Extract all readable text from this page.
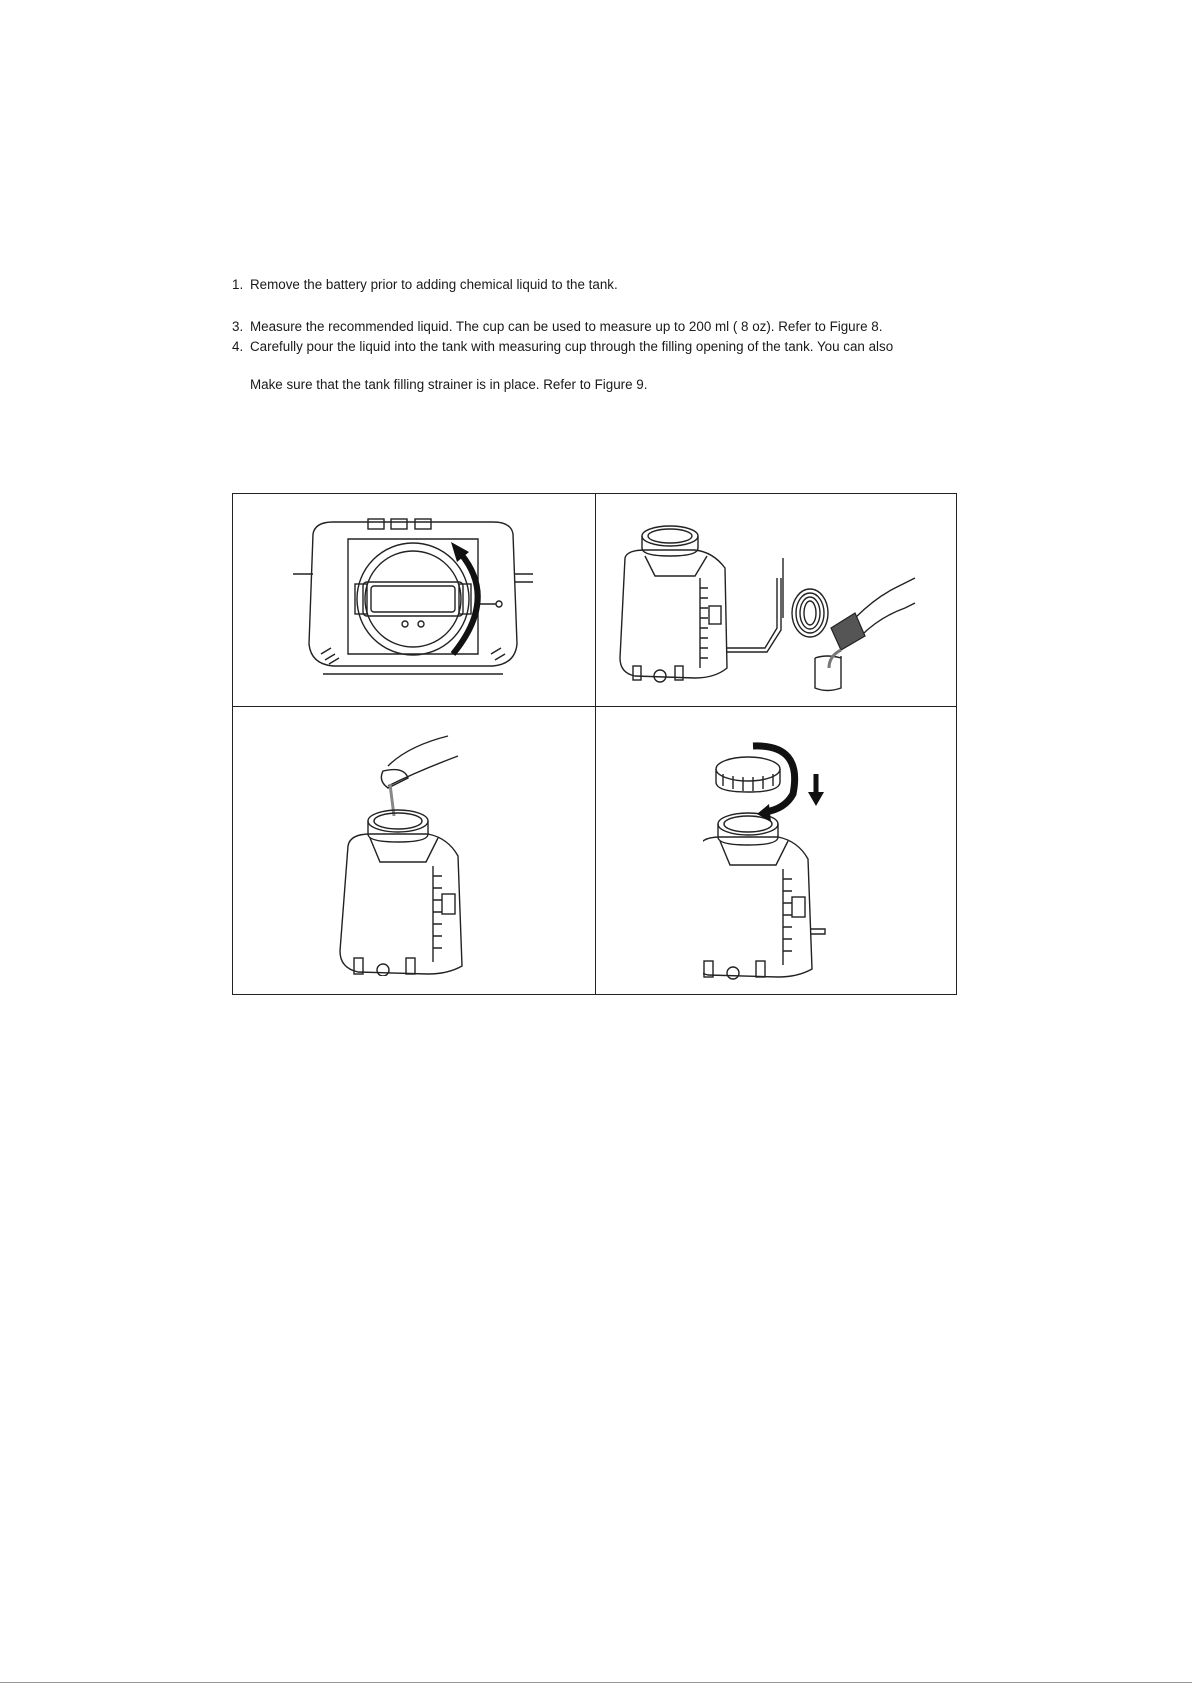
1. Remove the battery prior to adding chemical liquid to the tank.
3. Measure the recommended liquid. The cup can be used to measure up to 200 ml ( 8 oz). Refer to Figure 8.
4. Carefully pour the liquid into the tank with measuring cup through the filling opening of the tank. You can also
Make sure that the tank filling strainer is in place. Refer to Figure 9.
